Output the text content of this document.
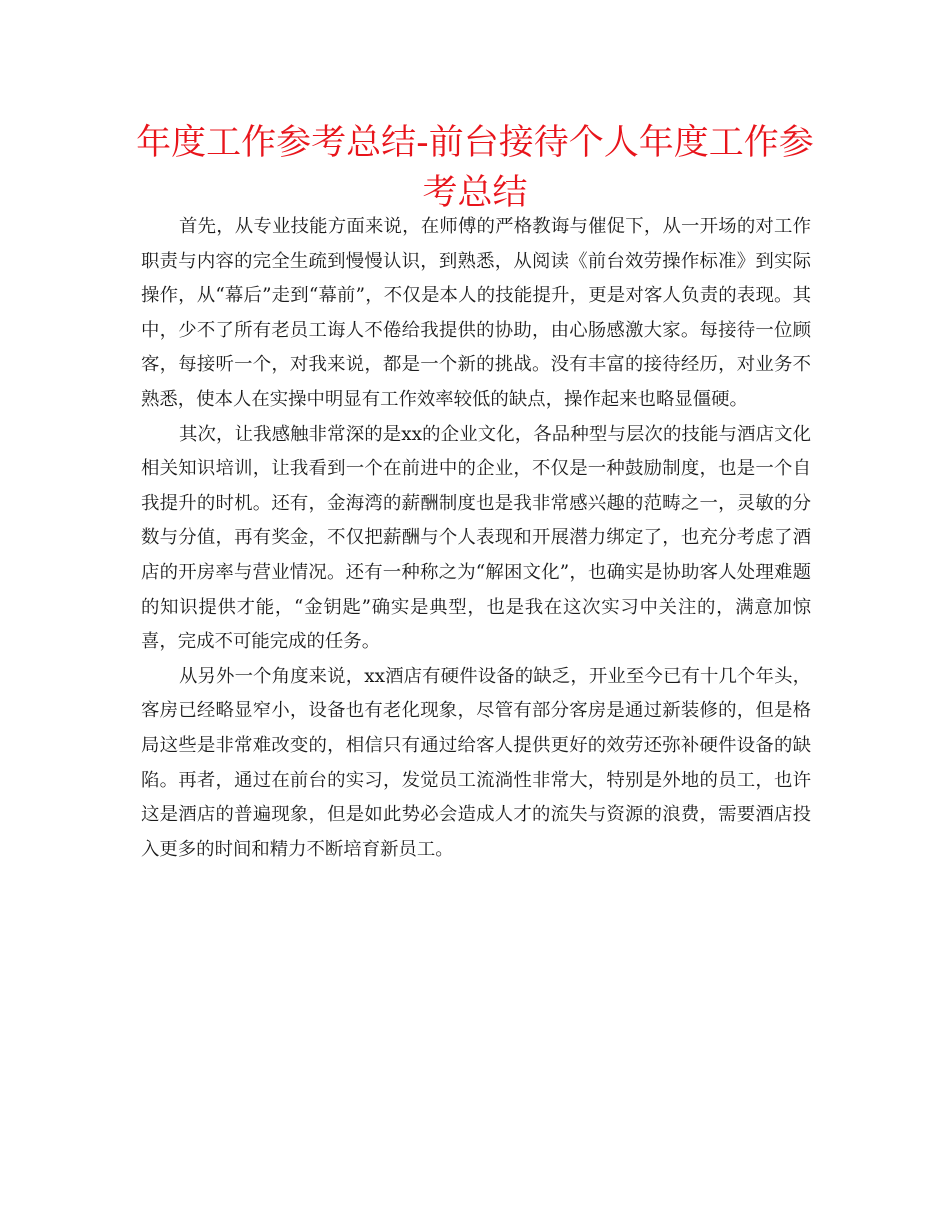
年度工作参考总结-前台接待个人年度工作参考总结

首先，从专业技能方面来说，在师傅的严格教诲与催促下，从一开场的对工作职责与内容的完全生疏到慢慢认识，到熟悉，从阅读《前台效劳操作标准》到实际操作，从“幕后”走到“幕前”，不仅是本人的技能提升，更是对客人负责的表现。其中，少不了所有老员工诲人不倦给我提供的协助，由心肠感激大家。每接待一位顾客，每接听一个，对我来说，都是一个新的挑战。没有丰富的接待经历，对业务不熟悉，使本人在实操中明显有工作效率较低的缺点，操作起来也略显僵硬。

其次，让我感触非常深的是xx的企业文化，各品种型与层次的技能与酒店文化相关知识培训，让我看到一个在前进中的企业，不仅是一种鼓励制度，也是一个自我提升的时机。还有，金海湾的薪酬制度也是我非常感兴趣的范畴之一，灵敏的分数与分值，再有奖金，不仅把薪酬与个人表现和开展潜力绑定了，也充分考虑了酒店的开房率与营业情况。还有一种称之为“解困文化”，也确实是协助客人处理难题的知识提供才能，“金钥匙”确实是典型，也是我在这次实习中关注的，满意加惊喜，完成不可能完成的任务。

从另外一个角度来说，xx酒店有硬件设备的缺乏，开业至今已有十几个年头，客房已经略显窄小，设备也有老化现象，尽管有部分客房是通过新装修的，但是格局这些是非常难改变的，相信只有通过给客人提供更好的效劳还弥补硬件设备的缺陷。再者，通过在前台的实习，发觉员工流淌性非常大，特别是外地的员工，也许这是酒店的普遍现象，但是如此势必会造成人才的流失与资源的浪费，需要酒店投入更多的时间和精力不断培育新员工。
